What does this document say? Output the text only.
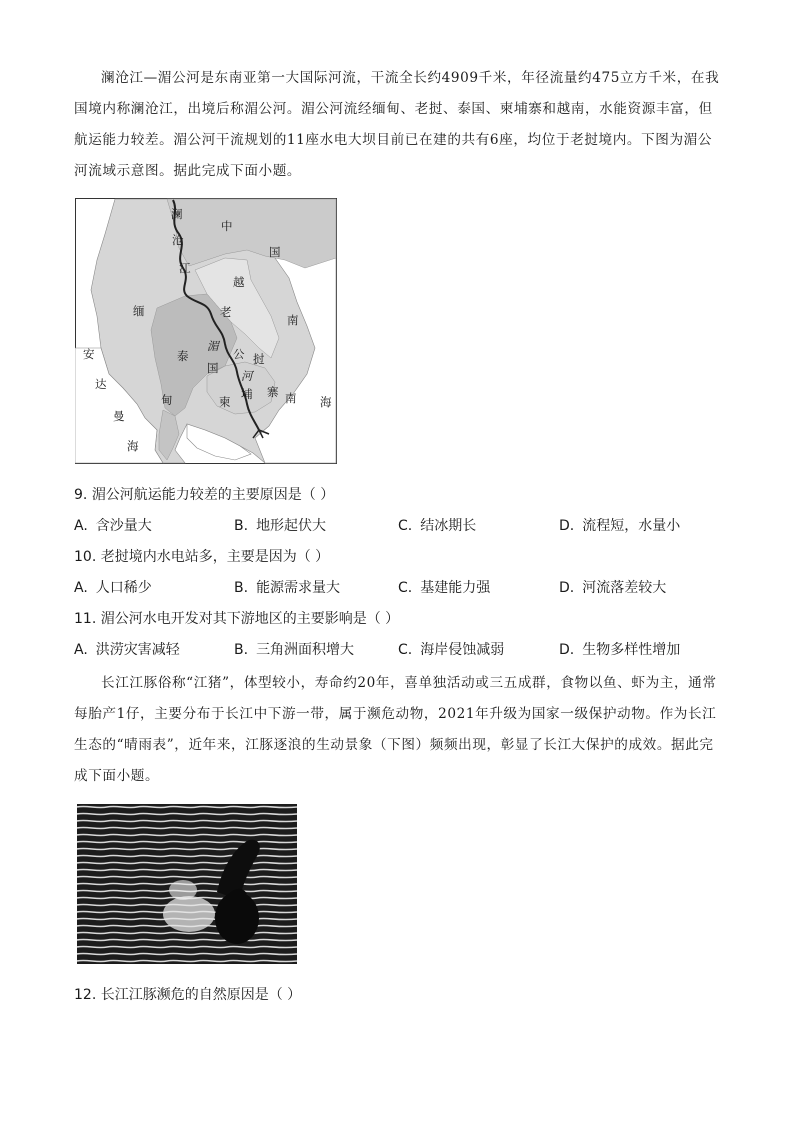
澜沧江—湄公河是东南亚第一大国际河流，干流全长约4909千米，年径流量约475立方千米，在我国境内称澜沧江，出境后称湄公河。湄公河流经缅甸、老挝、泰国、柬埔寨和越南，水能资源丰富，但航运能力较差。湄公河干流规划的11座水电大坝目前已在建的共有6座，均位于老挝境内。下图为湄公河流域示意图。据此完成下面小题。

澜
沧
江
中
国
越
南
缅
甸
老
挝
湄
公
河
泰
国
柬
埔 寨 南 海
安
达
曼
海

9. 湄公河航运能力较差的主要原因是（ ）

A. 含沙量大	B. 地形起伏大	C. 结冰期长	D. 流程短，水量小

10. 老挝境内水电站多，主要是因为（ ）

A. 人口稀少	B. 能源需求量大	C. 基建能力强	D. 河流落差较大

11. 湄公河水电开发对其下游地区的主要影响是（ ）

A. 洪涝灾害减轻	B. 三角洲面积增大	C. 海岸侵蚀减弱	D. 生物多样性增加

长江江豚俗称“江猪”，体型较小，寿命约20年，喜单独活动或三五成群，食物以鱼、虾为主，通常每胎产1仔，主要分布于长江中下游一带，属于濒危动物，2021年升级为国家一级保护动物。作为长江生态的“晴雨表”，近年来，江豚逐浪的生动景象（下图）频频出现，彰显了长江大保护的成效。据此完成下面小题。

12. 长江江豚濒危的自然原因是（ ）
